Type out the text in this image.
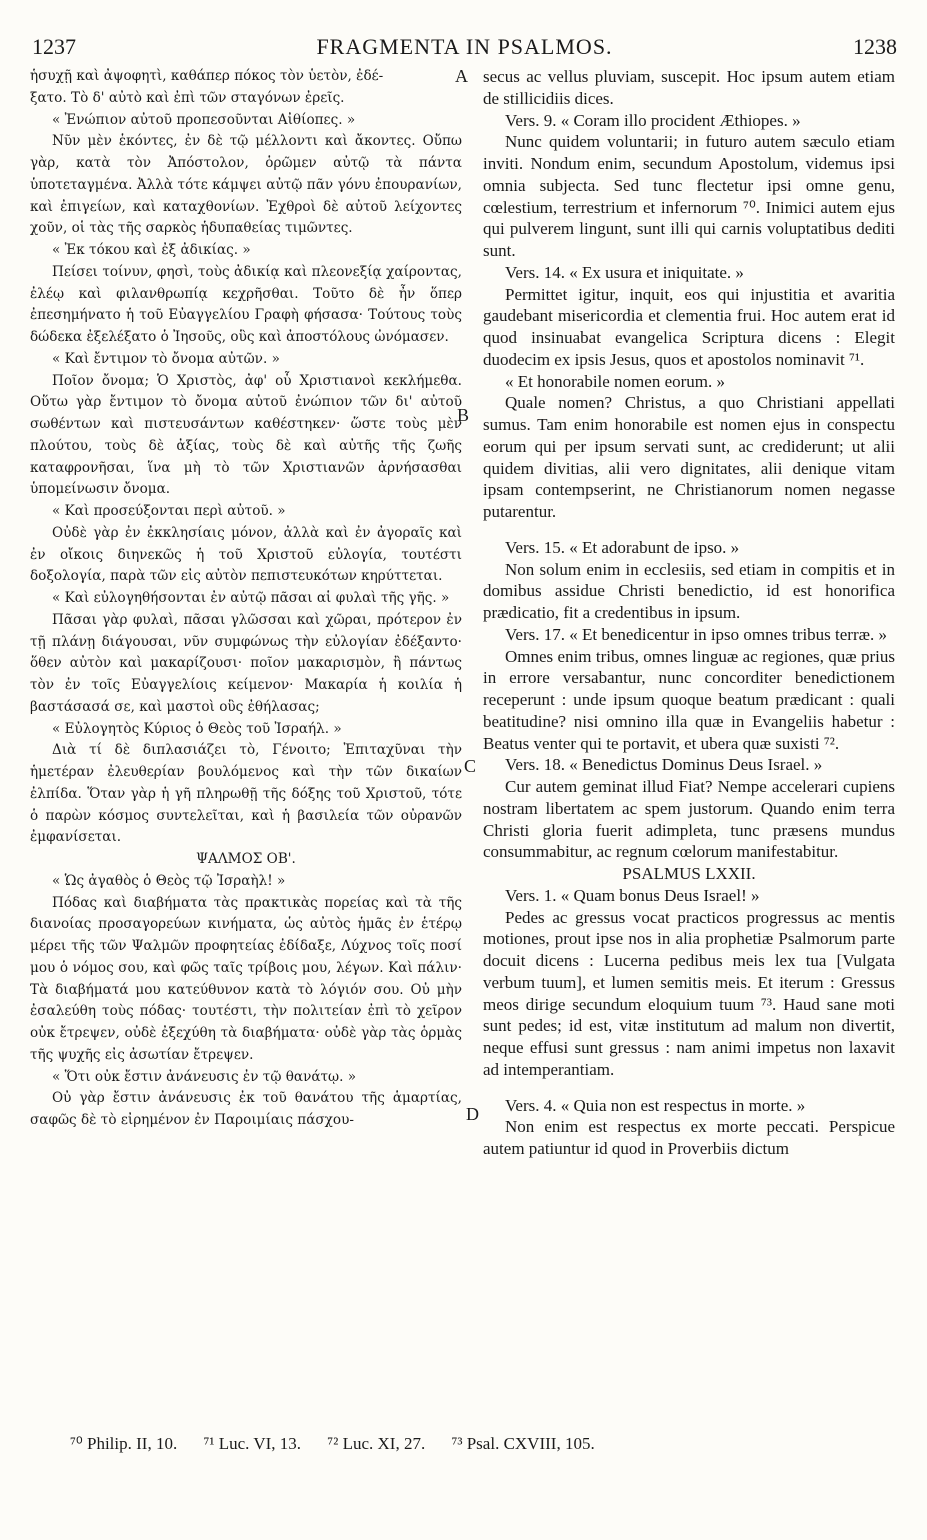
1237	FRAGMENTA IN PSALMOS.	1238

ἡσυχῇ καὶ ἀψοφητὶ, καθάπερ πόκος τὸν ὑετὸν, ἐδέ-

ξατο. Τὸ δ' αὐτὸ καὶ ἐπὶ τῶν σταγόνων ἐρεῖς.

« Ἐνώπιον αὐτοῦ προπεσοῦνται Αἰθίοπες. »

Νῦν μὲν ἑκόντες, ἐν δὲ τῷ μέλλοντι καὶ ἄκοντες. Οὔπω γὰρ, κατὰ τὸν Ἀπόστολον, ὁρῶμεν αὐτῷ τὰ πάντα ὑποτεταγμένα. Ἀλλὰ τότε κάμψει αὐτῷ πᾶν γόνυ ἐπουρανίων, καὶ ἐπιγείων, καὶ καταχθονίων. Ἐχθροὶ δὲ αὐτοῦ λείχοντες χοῦν, οἱ τὰς τῆς σαρκὸς ἡδυπαθείας τιμῶντες.

« Ἐκ τόκου καὶ ἐξ ἀδικίας. »

Πείσει τοίνυν, φησὶ, τοὺς ἀδικίᾳ καὶ πλεονεξίᾳ χαίροντας, ἐλέῳ καὶ φιλανθρωπίᾳ κεχρῆσθαι. Τοῦτο δὲ ἦν ὅπερ ἐπεσημήνατο ἡ τοῦ Εὐαγγελίου Γραφὴ φήσασα· Τούτους τοὺς δώδεκα ἐξελέξατο ὁ Ἰησοῦς, οὓς καὶ ἀποστόλους ὠνόμασεν.

« Καὶ ἔντιμον τὸ ὄνομα αὐτῶν. »

Ποῖον ὄνομα; Ὁ Χριστὸς, ἀφ' οὗ Χριστιανοὶ κεκλήμεθα. Οὕτω γὰρ ἔντιμον τὸ ὄνομα αὐτοῦ ἐνώπιον τῶν δι' αὐτοῦ σωθέντων καὶ πιστευσάντων καθέστηκεν· ὥστε τοὺς μὲν πλούτου, τοὺς δὲ ἀξίας, τοὺς δὲ καὶ αὐτῆς τῆς ζωῆς καταφρονῆσαι, ἵνα μὴ τὸ τῶν Χριστιανῶν ἀρνήσασθαι ὑπομείνωσιν ὄνομα.

« Καὶ προσεύξονται περὶ αὐτοῦ. »

Οὐδὲ γὰρ ἐν ἐκκλησίαις μόνον, ἀλλὰ καὶ ἐν ἀγοραῖς καὶ ἐν οἴκοις διηνεκῶς ἡ τοῦ Χριστοῦ εὐλογία, τουτέστι δοξολογία, παρὰ τῶν εἰς αὐτὸν πεπιστευκότων κηρύττεται.

« Καὶ εὐλογηθήσονται ἐν αὐτῷ πᾶσαι αἱ φυλαὶ τῆς γῆς. »

Πᾶσαι γὰρ φυλαὶ, πᾶσαι γλῶσσαι καὶ χῶραι, πρότερον ἐν τῇ πλάνῃ διάγουσαι, νῦν συμφώνως τὴν εὐλογίαν ἐδέξαντο· ὅθεν αὐτὸν καὶ μακαρίζουσι· ποῖον μακαρισμὸν, ἢ πάντως τὸν ἐν τοῖς Εὐαγγελίοις κείμενον· Μακαρία ἡ κοιλία ἡ βαστάσασά σε, καὶ μαστοὶ οὓς ἐθήλασας;

« Εὐλογητὸς Κύριος ὁ Θεὸς τοῦ Ἰσραήλ. »

Διὰ τί δὲ διπλασιάζει τὸ, Γένοιτο; Ἐπιταχῦναι τὴν ἡμετέραν ἐλευθερίαν βουλόμενος καὶ τὴν τῶν δικαίων ἐλπίδα. Ὅταν γὰρ ἡ γῆ πληρωθῇ τῆς δόξης τοῦ Χριστοῦ, τότε ὁ παρὼν κόσμος συντελεῖται, καὶ ἡ βασιλεία τῶν οὐρανῶν ἐμφανίσεται.

ΨΑΛΜΟΣ ΟΒ'.

« Ὡς ἀγαθὸς ὁ Θεὸς τῷ Ἰσραὴλ! »

Πόδας καὶ διαβήματα τὰς πρακτικὰς πορείας καὶ τὰ τῆς διανοίας προσαγορεύων κινήματα, ὡς αὐτὸς ἡμᾶς ἐν ἑτέρῳ μέρει τῆς τῶν Ψαλμῶν προφητείας ἐδίδαξε, Λύχνος τοῖς ποσί μου ὁ νόμος σου, καὶ φῶς ταῖς τρίβοις μου, λέγων. Καὶ πάλιν· Τὰ διαβήματά μου κατεύθυνον κατὰ τὸ λόγιόν σου. Οὐ μὴν ἐσαλεύθη τοὺς πόδας· τουτέστι, τὴν πολιτείαν ἐπὶ τὸ χεῖρον οὐκ ἔτρεψεν, οὐδὲ ἐξεχύθη τὰ διαβήματα· οὐδὲ γὰρ τὰς ὁρμὰς τῆς ψυχῆς εἰς ἀσωτίαν ἔτρεψεν.

« Ὅτι οὐκ ἔστιν ἀνάνευσις ἐν τῷ θανάτῳ. »

Οὐ γὰρ ἔστιν ἀνάνευσις ἐκ τοῦ θανάτου τῆς ἁμαρτίας, σαφῶς δὲ τὸ εἰρημένον ἐν Παροιμίαις πάσχου-

secus ac vellus pluviam, suscepit. Hoc ipsum autem etiam de stillicidiis dices.

Vers. 9. « Coram illo procident Æthiopes. »

Nunc quidem voluntarii; in futuro autem sæculo etiam inviti. Nondum enim, secundum Apostolum, videmus ipsi omnia subjecta. Sed tunc flectetur ipsi omne genu, cœlestium, terrestrium et infernorum ⁷⁰. Inimici autem ejus qui pulverem lingunt, sunt illi qui carnis voluptatibus dediti sunt.

Vers. 14. « Ex usura et iniquitate. »

Permittet igitur, inquit, eos qui injustitia et avaritia gaudebant misericordia et clementia frui. Hoc autem erat id quod insinuabat evangelica Scriptura dicens : Elegit duodecim ex ipsis Jesus, quos et apostolos nominavit ⁷¹.

« Et honorabile nomen eorum. »

Quale nomen? Christus, a quo Christiani appellati sumus. Tam enim honorabile est nomen ejus in conspectu eorum qui per ipsum servati sunt, ac crediderunt; ut alii quidem divitias, alii vero dignitates, alii denique vitam ipsam contempserint, ne Christianorum nomen negasse putarentur.

Vers. 15. « Et adorabunt de ipso. »

Non solum enim in ecclesiis, sed etiam in compitis et in domibus assidue Christi benedictio, id est honorifica prædicatio, fit a credentibus in ipsum.

Vers. 17. « Et benedicentur in ipso omnes tribus terræ. »

Omnes enim tribus, omnes linguæ ac regiones, quæ prius in errore versabantur, nunc concorditer benedictionem receperunt : unde ipsum quoque beatum prædicant : quali beatitudine? nisi omnino illa quæ in Evangeliis habetur : Beatus venter qui te portavit, et ubera quæ suxisti ⁷².

Vers. 18. « Benedictus Dominus Deus Israel. »

Cur autem geminat illud Fiat? Nempe accelerari cupiens nostram libertatem ac spem justorum. Quando enim terra Christi gloria fuerit adimpleta, tunc præsens mundus consummabitur, ac regnum cœlorum manifestabitur.

PSALMUS LXXII.

Vers. 1. « Quam bonus Deus Israel! »

Pedes ac gressus vocat practicos progressus ac mentis motiones, prout ipse nos in alia prophetiæ Psalmorum parte docuit dicens : Lucerna pedibus meis lex tua [Vulgata verbum tuum], et lumen semitis meis. Et iterum : Gressus meos dirige secundum eloquium tuum ⁷³. Haud sane moti sunt pedes; id est, vitæ institutum ad malum non divertit, neque effusi sunt gressus : nam animi impetus non laxavit ad intemperantiam.

Vers. 4. « Quia non est respectus in morte. »

Non enim est respectus ex morte peccati. Perspicue autem patiuntur id quod in Proverbiis dictum

A
B
C
D
⁷⁰ Philip. II, 10. ⁷¹ Luc. VI, 13. ⁷² Luc. XI, 27. ⁷³ Psal. CXVIII, 105.
